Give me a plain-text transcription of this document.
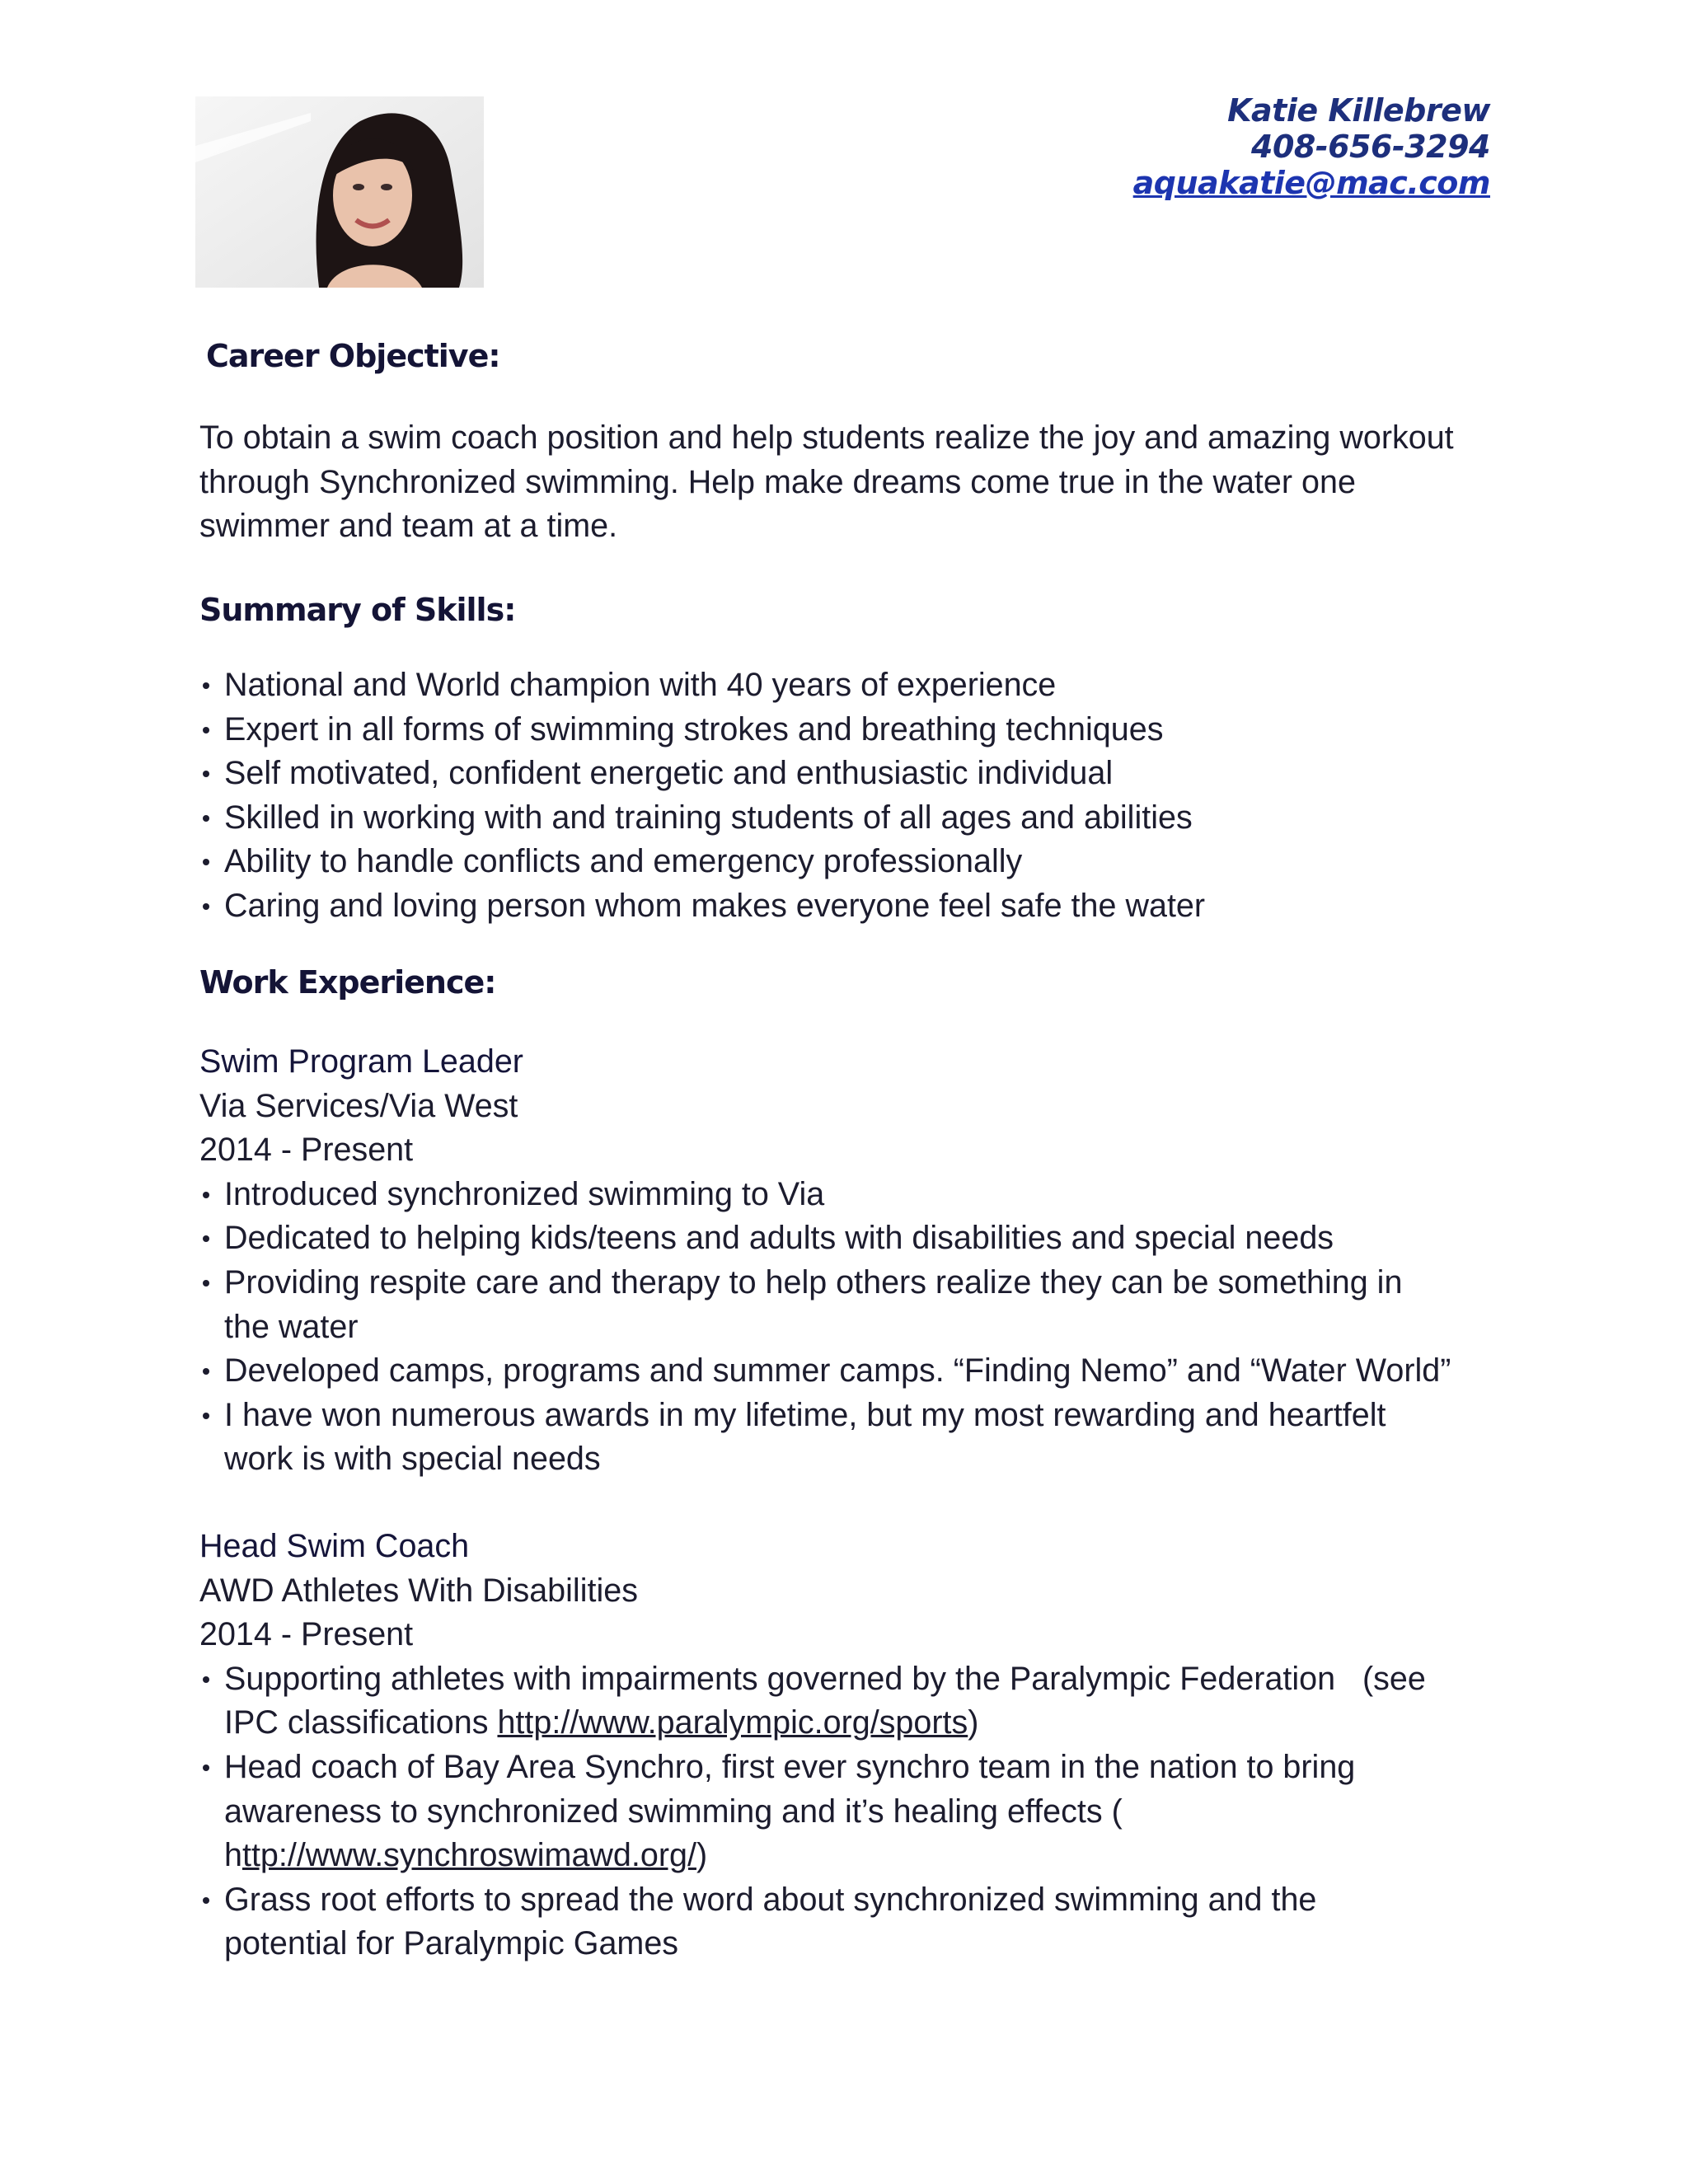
Katie Killebrew
408-656-3294
aquakatie@mac.com
Career Objective:
To obtain a swim coach position and help students realize the joy and amazing workout through Synchronized swimming. Help make dreams come true in the water one swimmer and team at a time.
Summary of Skills:
National and World champion with 40 years of experience
Expert in all forms of swimming strokes and breathing techniques
Self motivated, confident energetic and enthusiastic individual
Skilled in working with and training students of all ages and abilities
Ability to handle conflicts and emergency professionally
Caring and loving person whom makes everyone feel safe the water
Work Experience:
Swim Program Leader
Via Services/Via West
2014 - Present
Introduced synchronized swimming to Via
Dedicated to helping kids/teens and adults with disabilities and special needs
Providing respite care and therapy to help others realize they can be something in the water
Developed camps, programs and summer camps. “Finding Nemo” and “Water World”
I have won numerous awards in my lifetime, but my most rewarding and heartfelt work is with special needs
Head Swim Coach
AWD Athletes With Disabilities
2014 - Present
Supporting athletes with impairments governed by the Paralympic Federation   (see IPC classifications http://www.paralympic.org/sports)
Head coach of Bay Area Synchro, first ever synchro team in the nation to bring awareness to synchronized swimming and it’s healing effects ( http://www.synchroswimawd.org/)
Grass root efforts to spread the word about synchronized swimming and the potential for Paralympic Games
